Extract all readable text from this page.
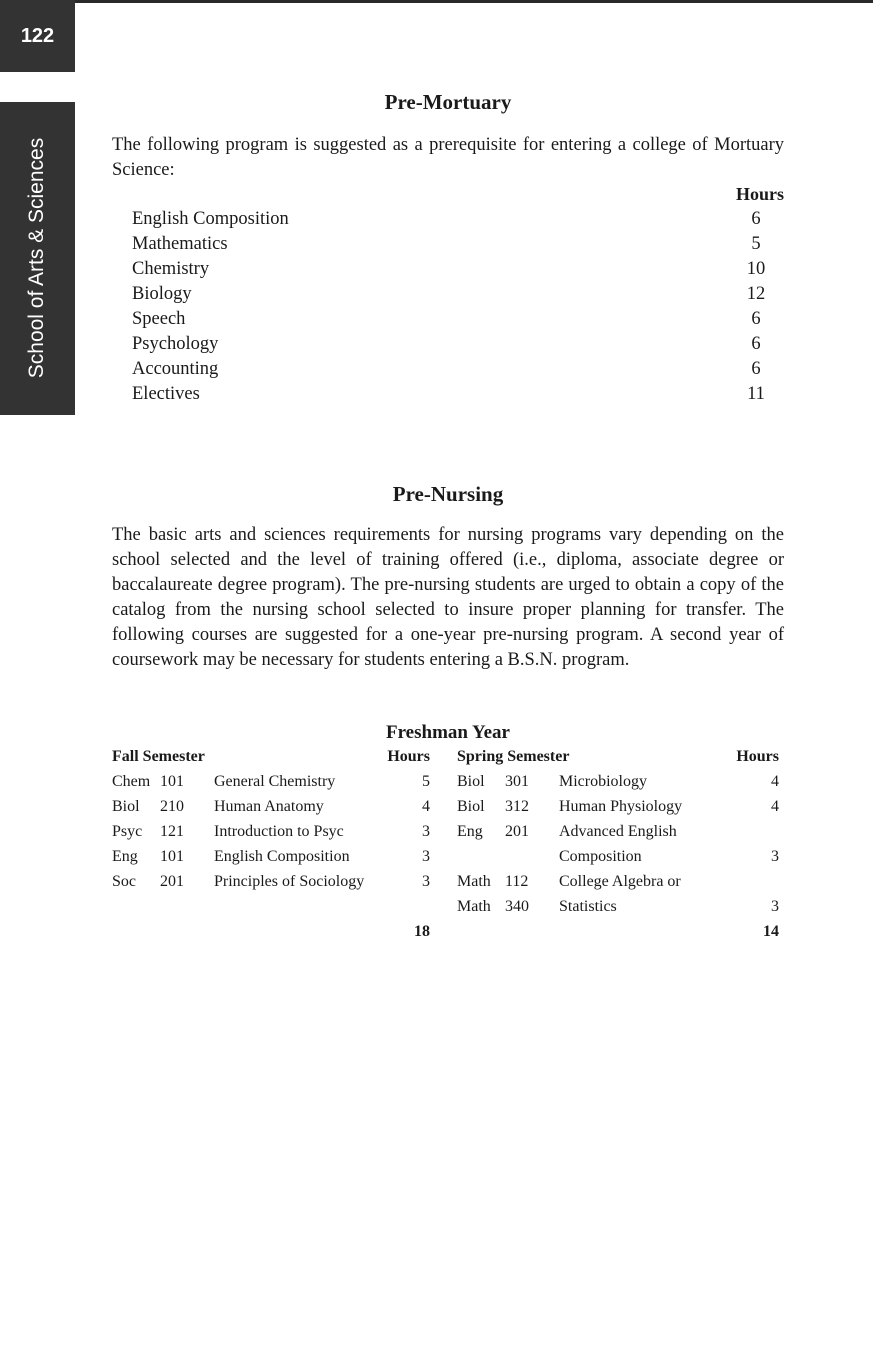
122
School of Arts & Sciences
Pre-Mortuary

The following program is suggested as a prerequisite for entering a college of Mortuary Science:

Hours
English Composition	6
Mathematics	5
Chemistry	10
Biology	12
Speech	6
Psychology	6
Accounting	6
Electives	11
Pre-Nursing

The basic arts and sciences requirements for nursing programs vary depending on the school selected and the level of training offered (i.e., diploma, associate degree or baccalaureate degree program). The pre-nursing students are urged to obtain a copy of the catalog from the nursing school selected to insure proper planning for transfer. The following courses are suggested for a one-year pre-nursing program. A second year of coursework may be necessary for students entering a B.S.N. program.

Freshman Year
Fall Semester	Hours
Chem 101	General Chemistry	5
Biol	210	Human Anatomy	4
Psyc	121	Introduction to Psyc	3
Eng	101	English Composition	3
Soc	201	Principles of Sociology	3
18
Spring Semester	Hours
Biol	301	Microbiology	4
Biol	312	Human Physiology	4
Eng	201	Advanced English
Composition	3
Math 112	College Algebra or
Math 340	Statistics	3
14
